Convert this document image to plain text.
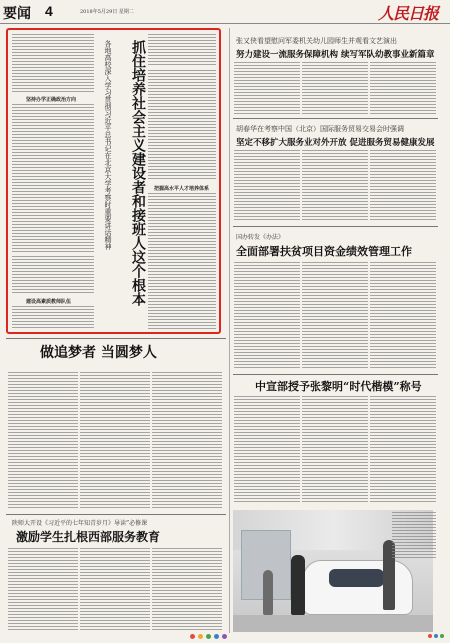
要闻 4	2018年5月29日 星期二	人民日报
坚持办学正确政治方向
建设高素质教师队伍
各地高校深入学习贯彻习近平总书记在北京大学考察时重要讲话精神	抓住培养社会主义建设者和接班人这个根本 把握高水平人才培养体系
张又侠看望慰问军委机关幼儿园师生并观看文艺演出
努力建设一流服务保障机构 续写军队幼教事业新篇章
胡春华在考察中国（北京）国际服务贸易交易会时强调
坚定不移扩大服务业对外开放 促进服务贸易健康发展
国办转发《办法》
全面部署扶贫项目资金绩效管理工作
做追梦者 当圆梦人
中宣部授予张黎明“时代楷模”称号
陕师大开设《习近平的七年知青岁月》导读”必修课
激励学生扎根西部服务教育
